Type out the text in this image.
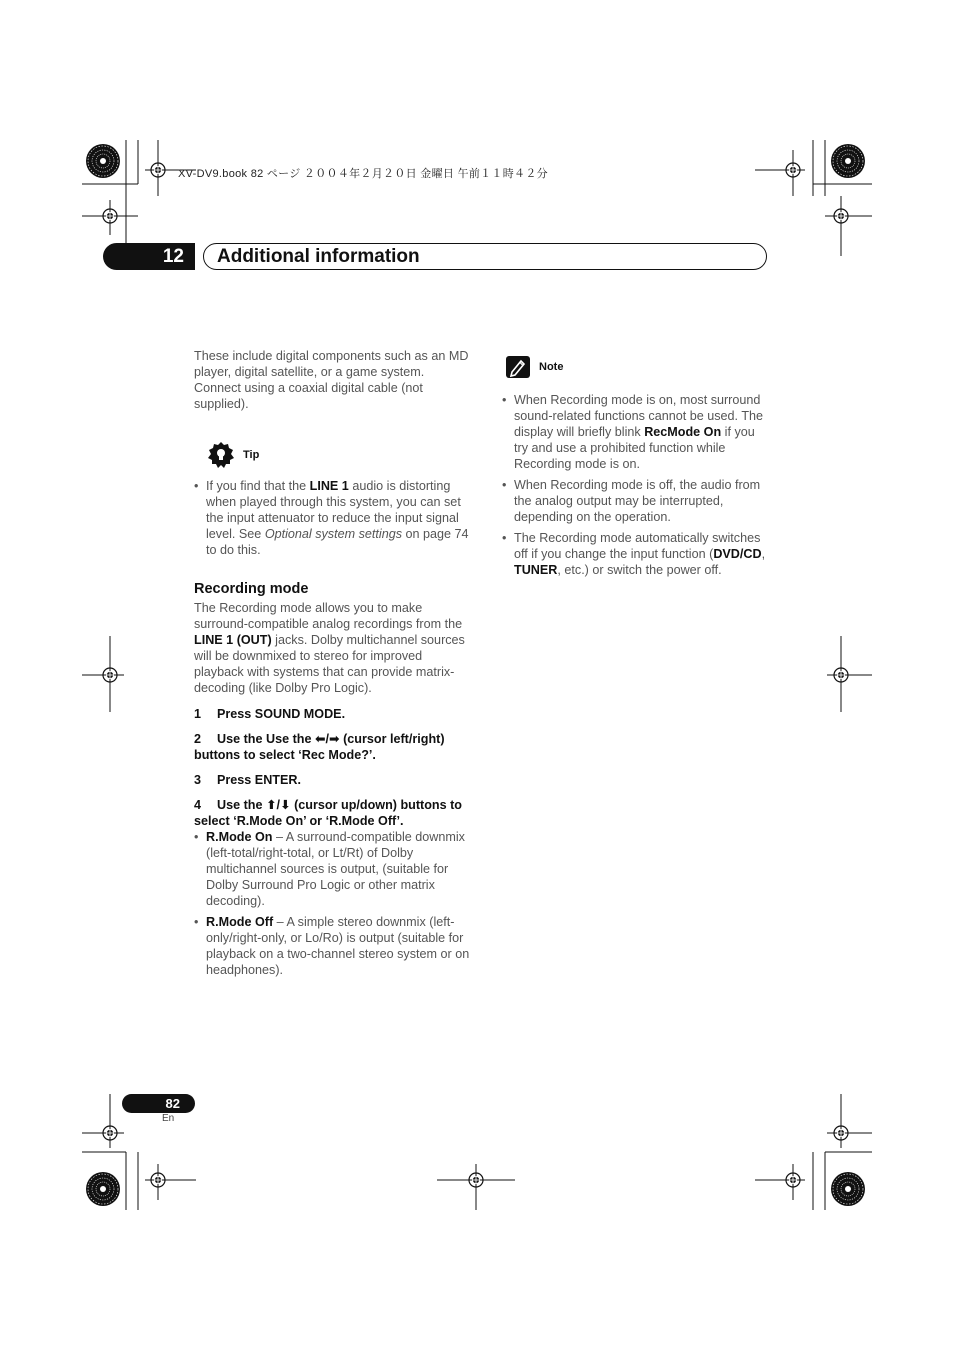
XV-DV9.book 82 ページ ２００４年２月２０日 金曜日 午前１１時４２分
12	Additional information

These include digital components such as an MD player, digital satellite, or a game system. Connect using a coaxial digital cable (not supplied).

Tip
• If you find that the LINE 1 audio is distorting when played through this system, you can set the input attenuator to reduce the input signal level. See Optional system settings on page 74 to do this.
Recording mode

The Recording mode allows you to make surround-compatible analog recordings from the LINE 1 (OUT) jacks. Dolby multichannel sources will be downmixed to stereo for improved playback with systems that can provide matrix-decoding (like Dolby Pro Logic).

1 Press SOUND MODE.
2 Use the Use the ⬅/➡ (cursor left/right) buttons to select ‘Rec Mode?’.
3 Press ENTER.
4 Use the ⬆/⬇ (cursor up/down) buttons to select ‘R.Mode On’ or ‘R.Mode Off’.
• R.Mode On – A surround-compatible downmix (left-total/right-total, or Lt/Rt) of Dolby multichannel sources is output, (suitable for Dolby Surround Pro Logic or other matrix decoding).
• R.Mode Off – A simple stereo downmix (left-only/right-only, or Lo/Ro) is output (suitable for playback on a two-channel stereo system or on headphones).
Note
• When Recording mode is on, most surround sound-related functions cannot be used. The display will briefly blink RecMode On if you try and use a prohibited function while Recording mode is on.
• When Recording mode is off, the audio from the analog output may be interrupted, depending on the operation.
• The Recording mode automatically switches off if you change the input function (DVD/CD, TUNER, etc.) or switch the power off.
82
En
